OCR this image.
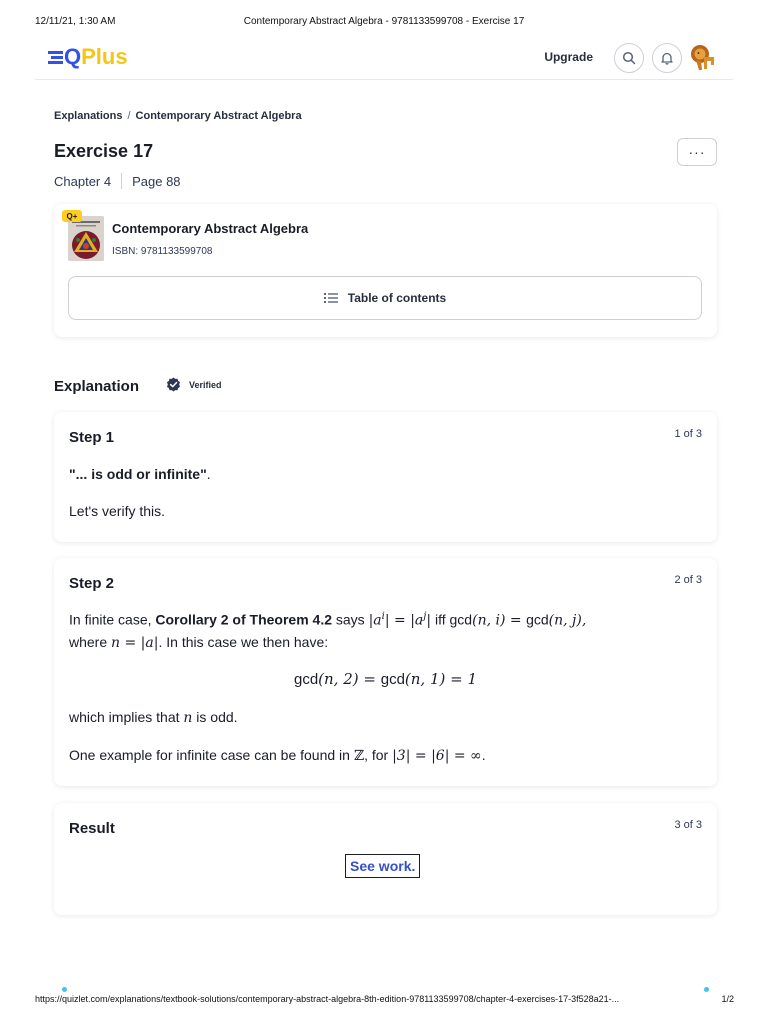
12/11/21, 1:30 AM	Contemporary Abstract Algebra - 9781133599708 - Exercise 17
QPlus	Upgrade
Explanations / Contemporary Abstract Algebra
Exercise 17	···
Chapter 4 Page 88
Q+
Contemporary Abstract Algebra
ISBN: 9781133599708
Table of contents
Explanation	Verified
Step 1	1 of 3
"... is odd or infinite".
Let's verify this.
Step 2	2 of 3
In finite case, Corollary 2 of Theorem 4.2 says $|a^i| = |a^j|$ iff gcd(n, i) = gcd(n, j),
where n = |a|. In this case we then have:
gcd(n, 2) = gcd(n, 1) = 1
which implies that n is odd.
One example for infinite case can be found in ℤ, for |3| = |6| = ∞.
Result	3 of 3
See work.
https://quizlet.com/explanations/textbook-solutions/contemporary-abstract-algebra-8th-edition-9781133599708/chapter-4-exercises-17-3f528a21-...	1/2
